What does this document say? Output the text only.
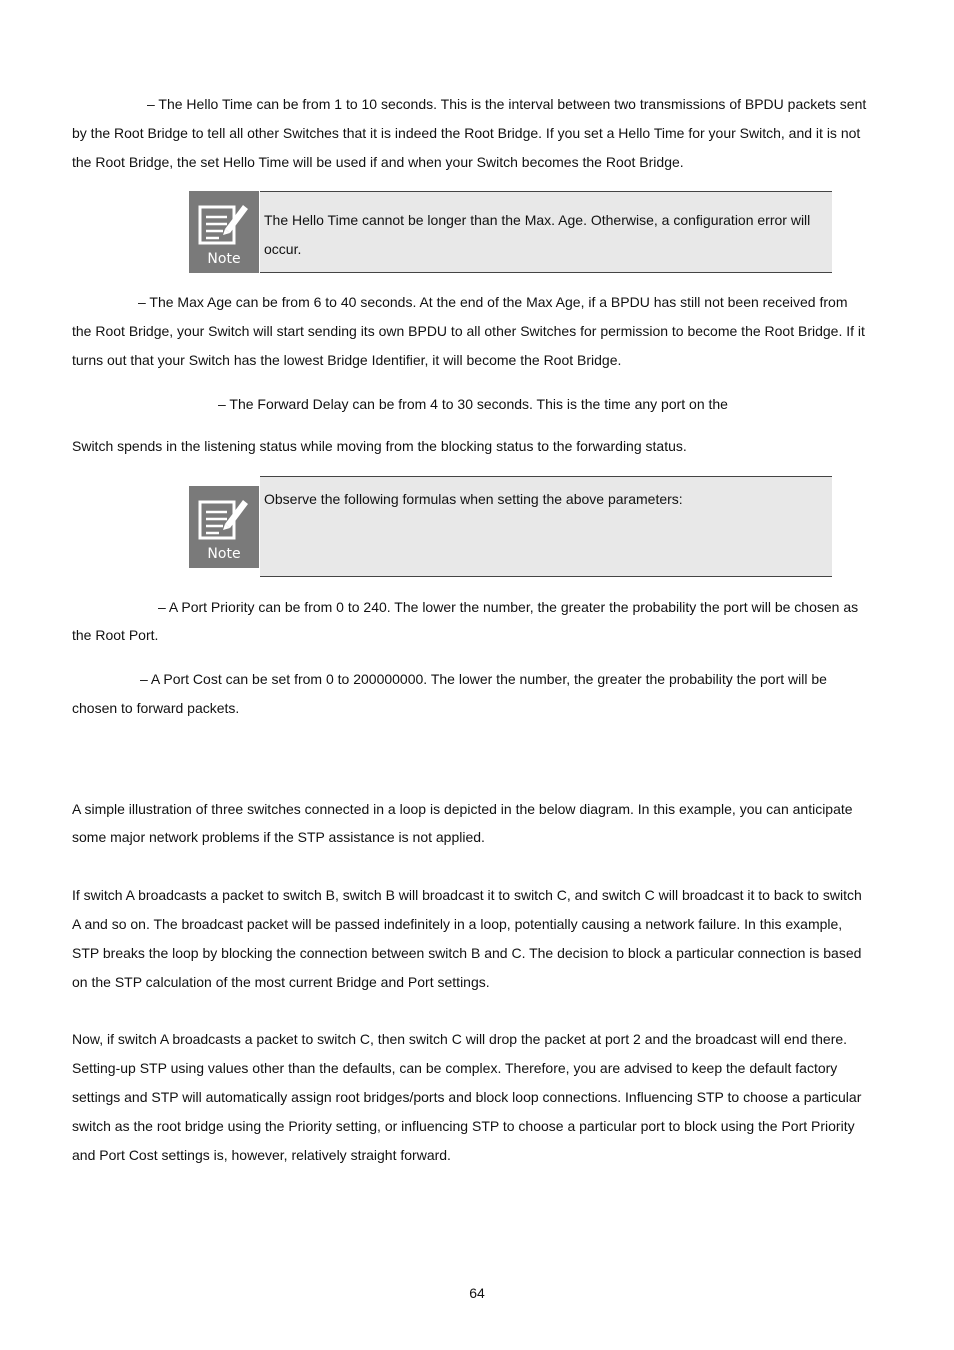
– The Hello Time can be from 1 to 10 seconds. This is the interval between two transmissions of BPDU packets sent
by the Root Bridge to tell all other Switches that it is indeed the Root Bridge. If you set a Hello Time for your Switch, and it is not
the Root Bridge, the set Hello Time will be used if and when your Switch becomes the Root Bridge.
Note
The Hello Time cannot be longer than the Max. Age. Otherwise, a configuration error will occur.
– The Max Age can be from 6 to 40 seconds. At the end of the Max Age, if a BPDU has still not been received from
the Root Bridge, your Switch will start sending its own BPDU to all other Switches for permission to become the Root Bridge. If it
turns out that your Switch has the lowest Bridge Identifier, it will become the Root Bridge.
– The Forward Delay can be from 4 to 30 seconds. This is the time any port on the
Switch spends in the listening status while moving from the blocking status to the forwarding status.
Note
Observe the following formulas when setting the above parameters:
– A Port Priority can be from 0 to 240. The lower the number, the greater the probability the port will be chosen as
the Root Port.
– A Port Cost can be set from 0 to 200000000. The lower the number, the greater the probability the port will be
chosen to forward packets.
A simple illustration of three switches connected in a loop is depicted in the below diagram. In this example, you can anticipate
some major network problems if the STP assistance is not applied.
If switch A broadcasts a packet to switch B, switch B will broadcast it to switch C, and switch C will broadcast it to back to switch
A and so on. The broadcast packet will be passed indefinitely in a loop, potentially causing a network failure. In this example,
STP breaks the loop by blocking the connection between switch B and C. The decision to block a particular connection is based
on the STP calculation of the most current Bridge and Port settings.
Now, if switch A broadcasts a packet to switch C, then switch C will drop the packet at port 2 and the broadcast will end there.
Setting-up STP using values other than the defaults, can be complex. Therefore, you are advised to keep the default factory
settings and STP will automatically assign root bridges/ports and block loop connections. Influencing STP to choose a particular
switch as the root bridge using the Priority setting, or influencing STP to choose a particular port to block using the Port Priority
and Port Cost settings is, however, relatively straight forward.
64
